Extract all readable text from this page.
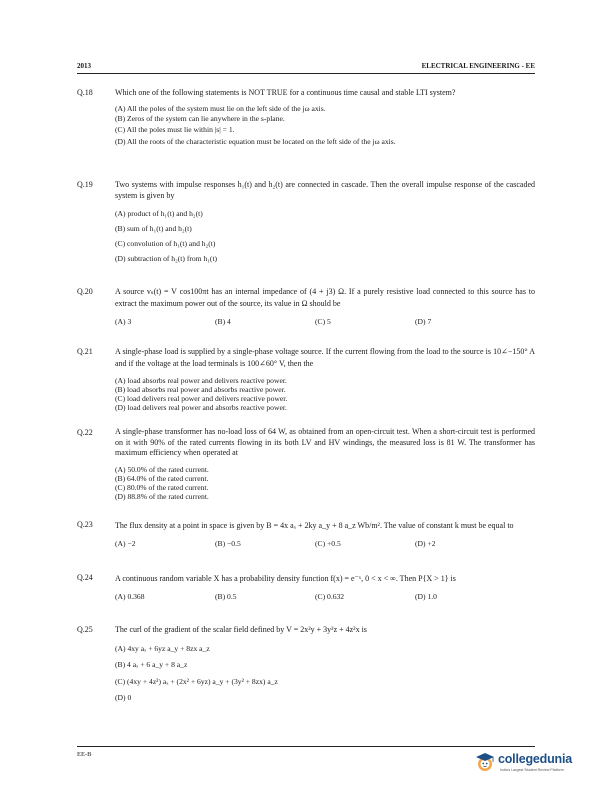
2013	ELECTRICAL ENGINEERING - EE
Q.18	Which one of the following statements is NOT TRUE for a continuous time causal and stable LTI system?
(A) All the poles of the system must lie on the left side of the jω axis.
(B) Zeros of the system can lie anywhere in the s-plane.
(C) All the poles must lie within |s| = 1.
(D) All the roots of the characteristic equation must be located on the left side of the jω axis.
Q.19	Two systems with impulse responses h₁(t) and h₂(t) are connected in cascade. Then the overall impulse response of the cascaded system is given by
(A) product of h₁(t) and h₂(t)
(B) sum of h₁(t) and h₂(t)
(C) convolution of h₁(t) and h₂(t)
(D) subtraction of h₂(t) from h₁(t)
Q.20	A source vₛ(t) = V cos100πt has an internal impedance of (4 + j3) Ω. If a purely resistive load connected to this source has to extract the maximum power out of the source, its value in Ω should be
(A) 3	(B) 4	(C) 5	(D) 7
Q.21	A single-phase load is supplied by a single-phase voltage source. If the current flowing from the load to the source is 10∠−150° A and if the voltage at the load terminals is 100∠60° V, then the
(A) load absorbs real power and delivers reactive power.
(B) load absorbs real power and absorbs reactive power.
(C) load delivers real power and delivers reactive power.
(D) load delivers real power and absorbs reactive power.
Q.22	A single-phase transformer has no-load loss of 64 W, as obtained from an open-circuit test. When a short-circuit test is performed on it with 90% of the rated currents flowing in its both LV and HV windings, the measured loss is 81 W. The transformer has maximum efficiency when operated at
(A) 50.0% of the rated current.
(B) 64.0% of the rated current.
(C) 80.0% of the rated current.
(D) 88.8% of the rated current.
Q.23	The flux density at a point in space is given by B = 4x aₓ + 2ky a_y + 8 a_z Wb/m². The value of constant k must be equal to
(A) −2	(B) −0.5	(C) +0.5	(D) +2
Q.24	A continuous random variable X has a probability density function f(x) = e⁻ˣ, 0 < x < ∞. Then P{X > 1} is
(A) 0.368	(B) 0.5	(C) 0.632	(D) 1.0
Q.25	The curl of the gradient of the scalar field defined by V = 2x²y + 3y²z + 4z²x is
(A) 4xy aₓ + 6yz a_y + 8zx a_z
(B) 4 aₓ + 6 a_y + 8 a_z
(C) (4xy + 4z²) aₓ + (2x² + 6yz) a_y + (3y² + 8zx) a_z
(D) 0
EE-B	collegedunia
India's Largest Student Review Platform
